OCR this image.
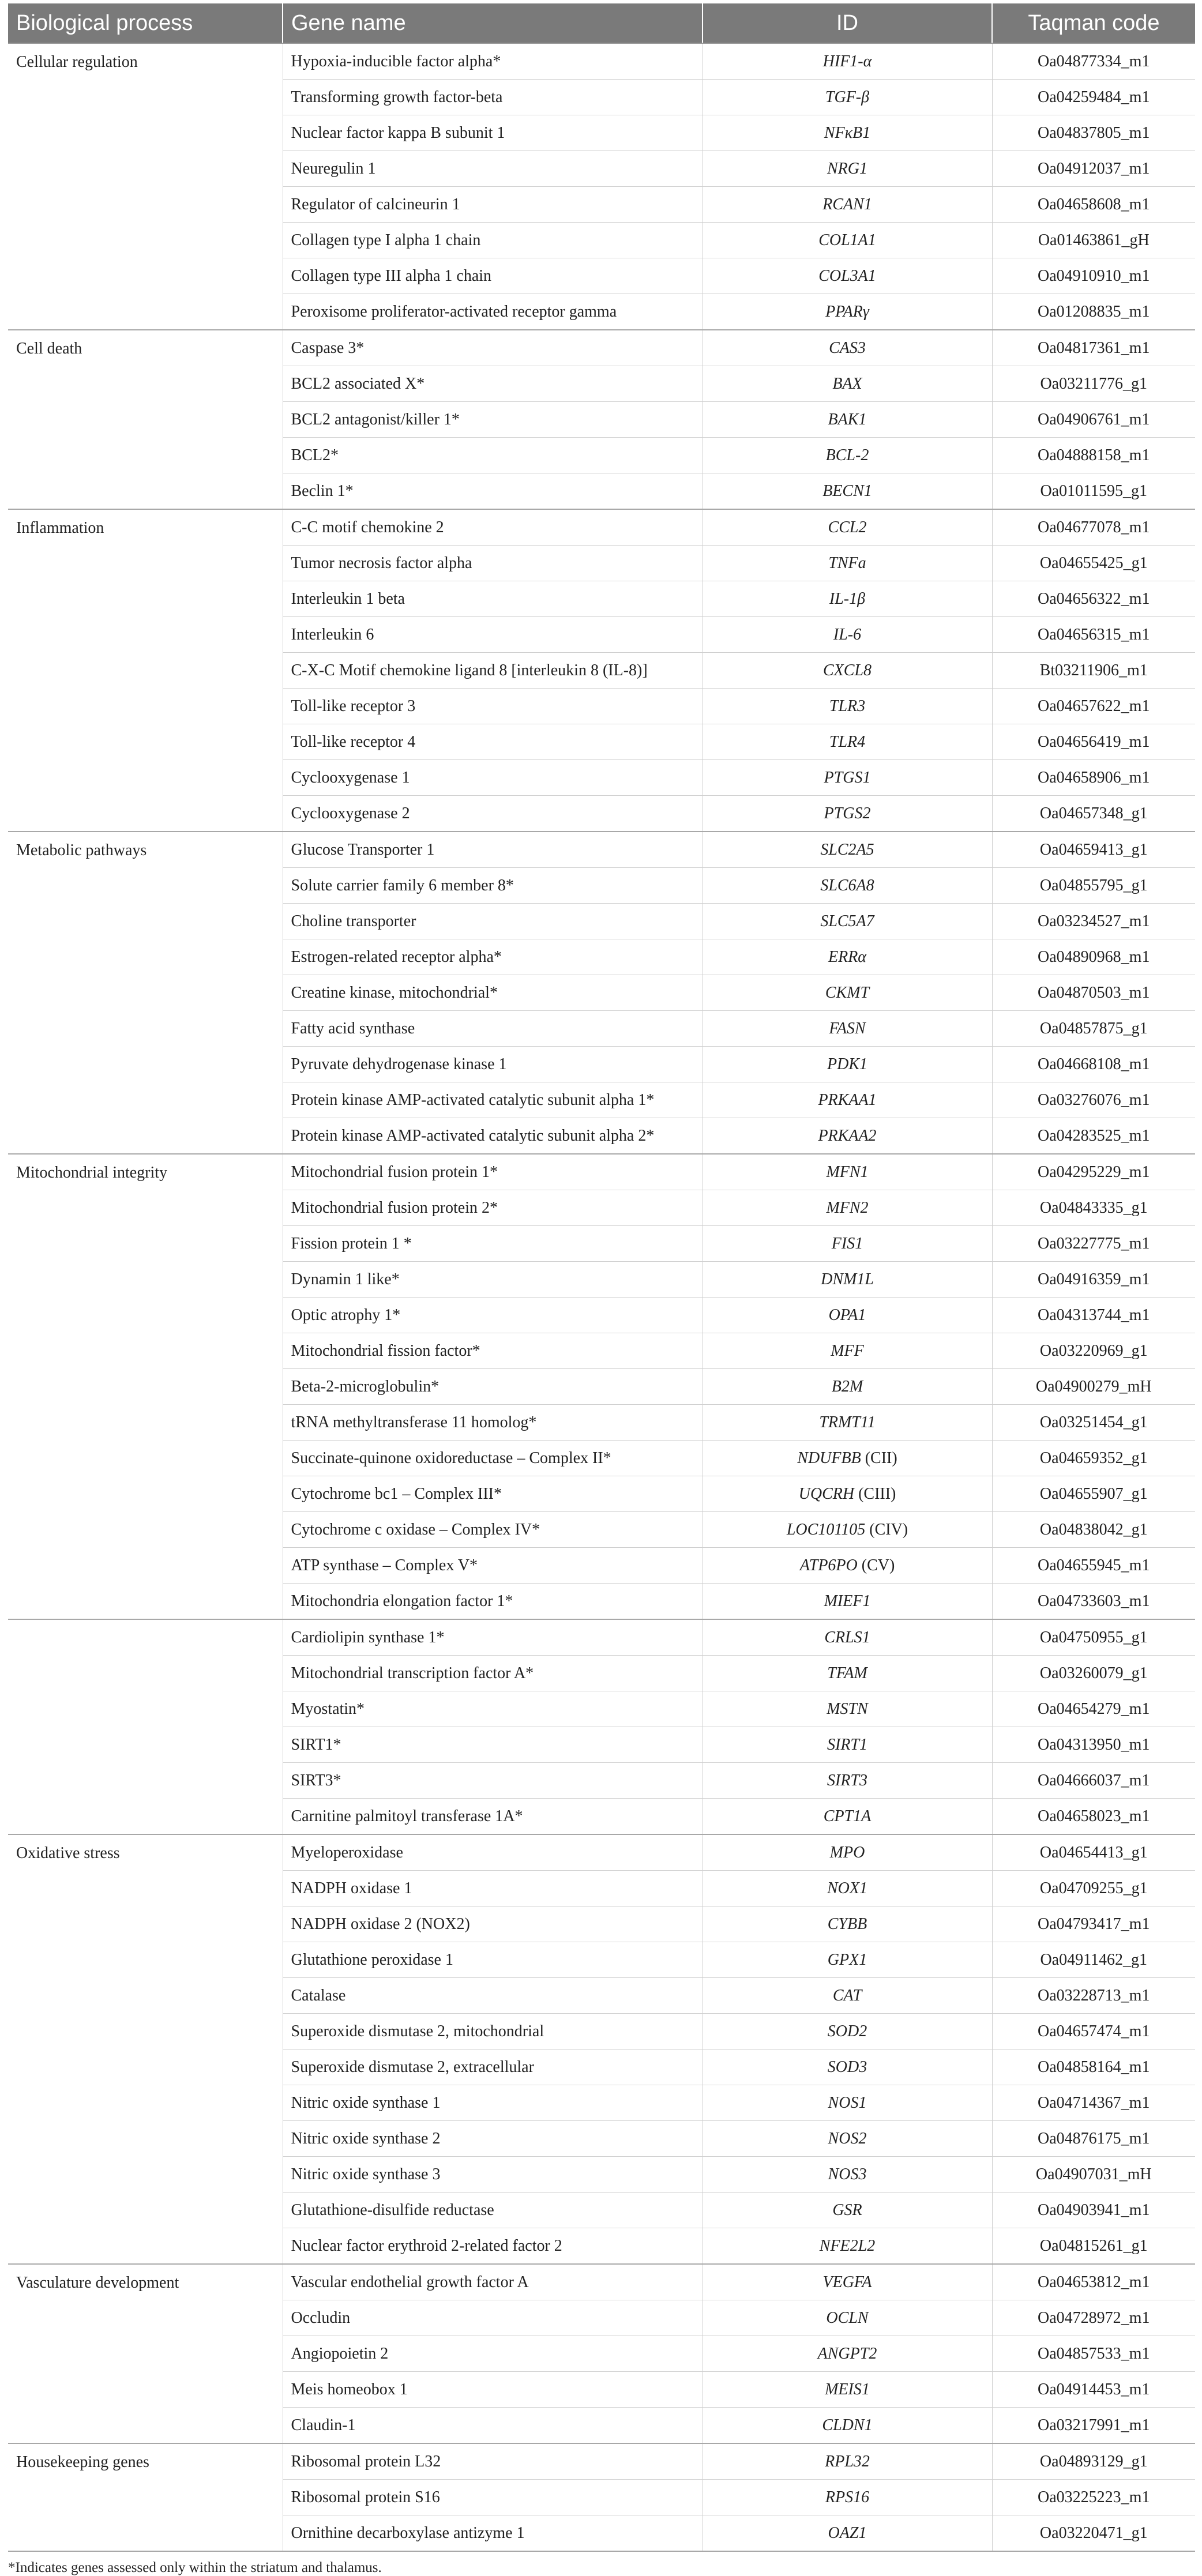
Biological process	Gene name	ID	Taqman code
Cellular regulation	Hypoxia-inducible factor alpha*	HIF1-α	Oa04877334_m1
	Transforming growth factor-beta	TGF-β	Oa04259484_m1
	Nuclear factor kappa B subunit 1	NFκB1	Oa04837805_m1
	Neuregulin 1	NRG1	Oa04912037_m1
	Regulator of calcineurin 1	RCAN1	Oa04658608_m1
	Collagen type I alpha 1 chain	COL1A1	Oa01463861_gH
	Collagen type III alpha 1 chain	COL3A1	Oa04910910_m1
	Peroxisome proliferator-activated receptor gamma	PPARγ	Oa01208835_m1
Cell death	Caspase 3*	CAS3	Oa04817361_m1
	BCL2 associated X*	BAX	Oa03211776_g1
	BCL2 antagonist/killer 1*	BAK1	Oa04906761_m1
	BCL2*	BCL-2	Oa04888158_m1
	Beclin 1*	BECN1	Oa01011595_g1
Inflammation	C-C motif chemokine 2	CCL2	Oa04677078_m1
	Tumor necrosis factor alpha	TNFa	Oa04655425_g1
	Interleukin 1 beta	IL-1β	Oa04656322_m1
	Interleukin 6	IL-6	Oa04656315_m1
	C-X-C Motif chemokine ligand 8 [interleukin 8 (IL-8)]	CXCL8	Bt03211906_m1
	Toll-like receptor 3	TLR3	Oa04657622_m1
	Toll-like receptor 4	TLR4	Oa04656419_m1
	Cyclooxygenase 1	PTGS1	Oa04658906_m1
	Cyclooxygenase 2	PTGS2	Oa04657348_g1
Metabolic pathways	Glucose Transporter 1	SLC2A5	Oa04659413_g1
	Solute carrier family 6 member 8*	SLC6A8	Oa04855795_g1
	Choline transporter	SLC5A7	Oa03234527_m1
	Estrogen-related receptor alpha*	ERRα	Oa04890968_m1
	Creatine kinase, mitochondrial*	CKMT	Oa04870503_m1
	Fatty acid synthase	FASN	Oa04857875_g1
	Pyruvate dehydrogenase kinase 1	PDK1	Oa04668108_m1
	Protein kinase AMP-activated catalytic subunit alpha 1*	PRKAA1	Oa03276076_m1
	Protein kinase AMP-activated catalytic subunit alpha 2*	PRKAA2	Oa04283525_m1
Mitochondrial integrity	Mitochondrial fusion protein 1*	MFN1	Oa04295229_m1
	Mitochondrial fusion protein 2*	MFN2	Oa04843335_g1
	Fission protein 1 *	FIS1	Oa03227775_m1
	Dynamin 1 like*	DNM1L	Oa04916359_m1
	Optic atrophy 1*	OPA1	Oa04313744_m1
	Mitochondrial fission factor*	MFF	Oa03220969_g1
	Beta-2-microglobulin*	B2M	Oa04900279_mH
	tRNA methyltransferase 11 homolog*	TRMT11	Oa03251454_g1
	Succinate-quinone oxidoreductase – Complex II*	NDUFBB (CII)	Oa04659352_g1
	Cytochrome bc1 – Complex III*	UQCRH (CIII)	Oa04655907_g1
	Cytochrome c oxidase – Complex IV*	LOC101105 (CIV)	Oa04838042_g1
	ATP synthase – Complex V*	ATP6PO (CV)	Oa04655945_m1
	Mitochondria elongation factor 1*	MIEF1	Oa04733603_m1
	Cardiolipin synthase 1*	CRLS1	Oa04750955_g1
	Mitochondrial transcription factor A*	TFAM	Oa03260079_g1
	Myostatin*	MSTN	Oa04654279_m1
	SIRT1*	SIRT1	Oa04313950_m1
	SIRT3*	SIRT3	Oa04666037_m1
	Carnitine palmitoyl transferase 1A*	CPT1A	Oa04658023_m1
Oxidative stress	Myeloperoxidase	MPO	Oa04654413_g1
	NADPH oxidase 1	NOX1	Oa04709255_g1
	NADPH oxidase 2 (NOX2)	CYBB	Oa04793417_m1
	Glutathione peroxidase 1	GPX1	Oa04911462_g1
	Catalase	CAT	Oa03228713_m1
	Superoxide dismutase 2, mitochondrial	SOD2	Oa04657474_m1
	Superoxide dismutase 2, extracellular	SOD3	Oa04858164_m1
	Nitric oxide synthase 1	NOS1	Oa04714367_m1
	Nitric oxide synthase 2	NOS2	Oa04876175_m1
	Nitric oxide synthase 3	NOS3	Oa04907031_mH
	Glutathione-disulfide reductase	GSR	Oa04903941_m1
	Nuclear factor erythroid 2-related factor 2	NFE2L2	Oa04815261_g1
Vasculature development	Vascular endothelial growth factor A	VEGFA	Oa04653812_m1
	Occludin	OCLN	Oa04728972_m1
	Angiopoietin 2	ANGPT2	Oa04857533_m1
	Meis homeobox 1	MEIS1	Oa04914453_m1
	Claudin-1	CLDN1	Oa03217991_m1
Housekeeping genes	Ribosomal protein L32	RPL32	Oa04893129_g1
	Ribosomal protein S16	RPS16	Oa03225223_m1
	Ornithine decarboxylase antizyme 1	OAZ1	Oa03220471_g1
*Indicates genes assessed only within the striatum and thalamus.
